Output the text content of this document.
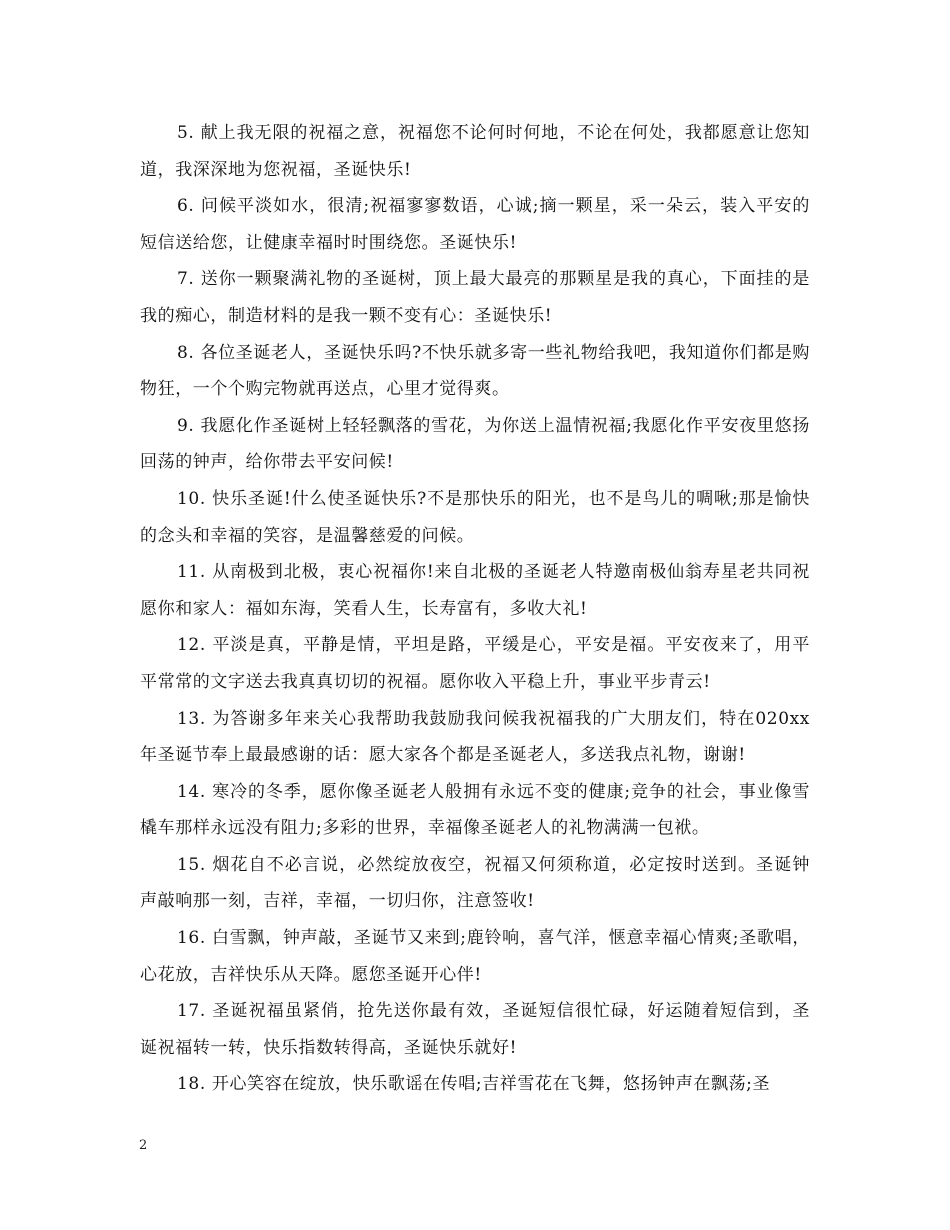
5. 献上我无限的祝福之意，祝福您不论何时何地，不论在何处，我都愿意让您知道，我深深地为您祝福，圣诞快乐!

6. 问候平淡如水，很清;祝福寥寥数语，心诚;摘一颗星，采一朵云，装入平安的短信送给您，让健康幸福时时围绕您。圣诞快乐!

7. 送你一颗聚满礼物的圣诞树，顶上最大最亮的那颗星是我的真心，下面挂的是我的痴心，制造材料的是我一颗不变有心：圣诞快乐!

8. 各位圣诞老人，圣诞快乐吗?不快乐就多寄一些礼物给我吧，我知道你们都是购物狂，一个个购完物就再送点，心里才觉得爽。

9. 我愿化作圣诞树上轻轻飘落的雪花，为你送上温情祝福;我愿化作平安夜里悠扬回荡的钟声，给你带去平安问候!

10. 快乐圣诞!什么使圣诞快乐?不是那快乐的阳光，也不是鸟儿的啁啾;那是愉快的念头和幸福的笑容，是温馨慈爱的问候。

11. 从南极到北极，衷心祝福你!来自北极的圣诞老人特邀南极仙翁寿星老共同祝愿你和家人：福如东海，笑看人生，长寿富有，多收大礼!

12. 平淡是真，平静是情，平坦是路，平缓是心，平安是福。平安夜来了，用平平常常的文字送去我真真切切的祝福。愿你收入平稳上升，事业平步青云!

13. 为答谢多年来关心我帮助我鼓励我问候我祝福我的广大朋友们，特在020xx年圣诞节奉上最最感谢的话：愿大家各个都是圣诞老人，多送我点礼物，谢谢!

14. 寒冷的冬季，愿你像圣诞老人般拥有永远不变的健康;竞争的社会，事业像雪橇车那样永远没有阻力;多彩的世界，幸福像圣诞老人的礼物满满一包袱。

15. 烟花自不必言说，必然绽放夜空，祝福又何须称道，必定按时送到。圣诞钟声敲响那一刻，吉祥，幸福，一切归你，注意签收!

16. 白雪飘，钟声敲，圣诞节又来到;鹿铃响，喜气洋，惬意幸福心情爽;圣歌唱，心花放，吉祥快乐从天降。愿您圣诞开心伴!

17. 圣诞祝福虽紧俏，抢先送你最有效，圣诞短信很忙碌，好运随着短信到，圣诞祝福转一转，快乐指数转得高，圣诞快乐就好!

18. 开心笑容在绽放，快乐歌谣在传唱;吉祥雪花在飞舞，悠扬钟声在飘荡;圣

2
